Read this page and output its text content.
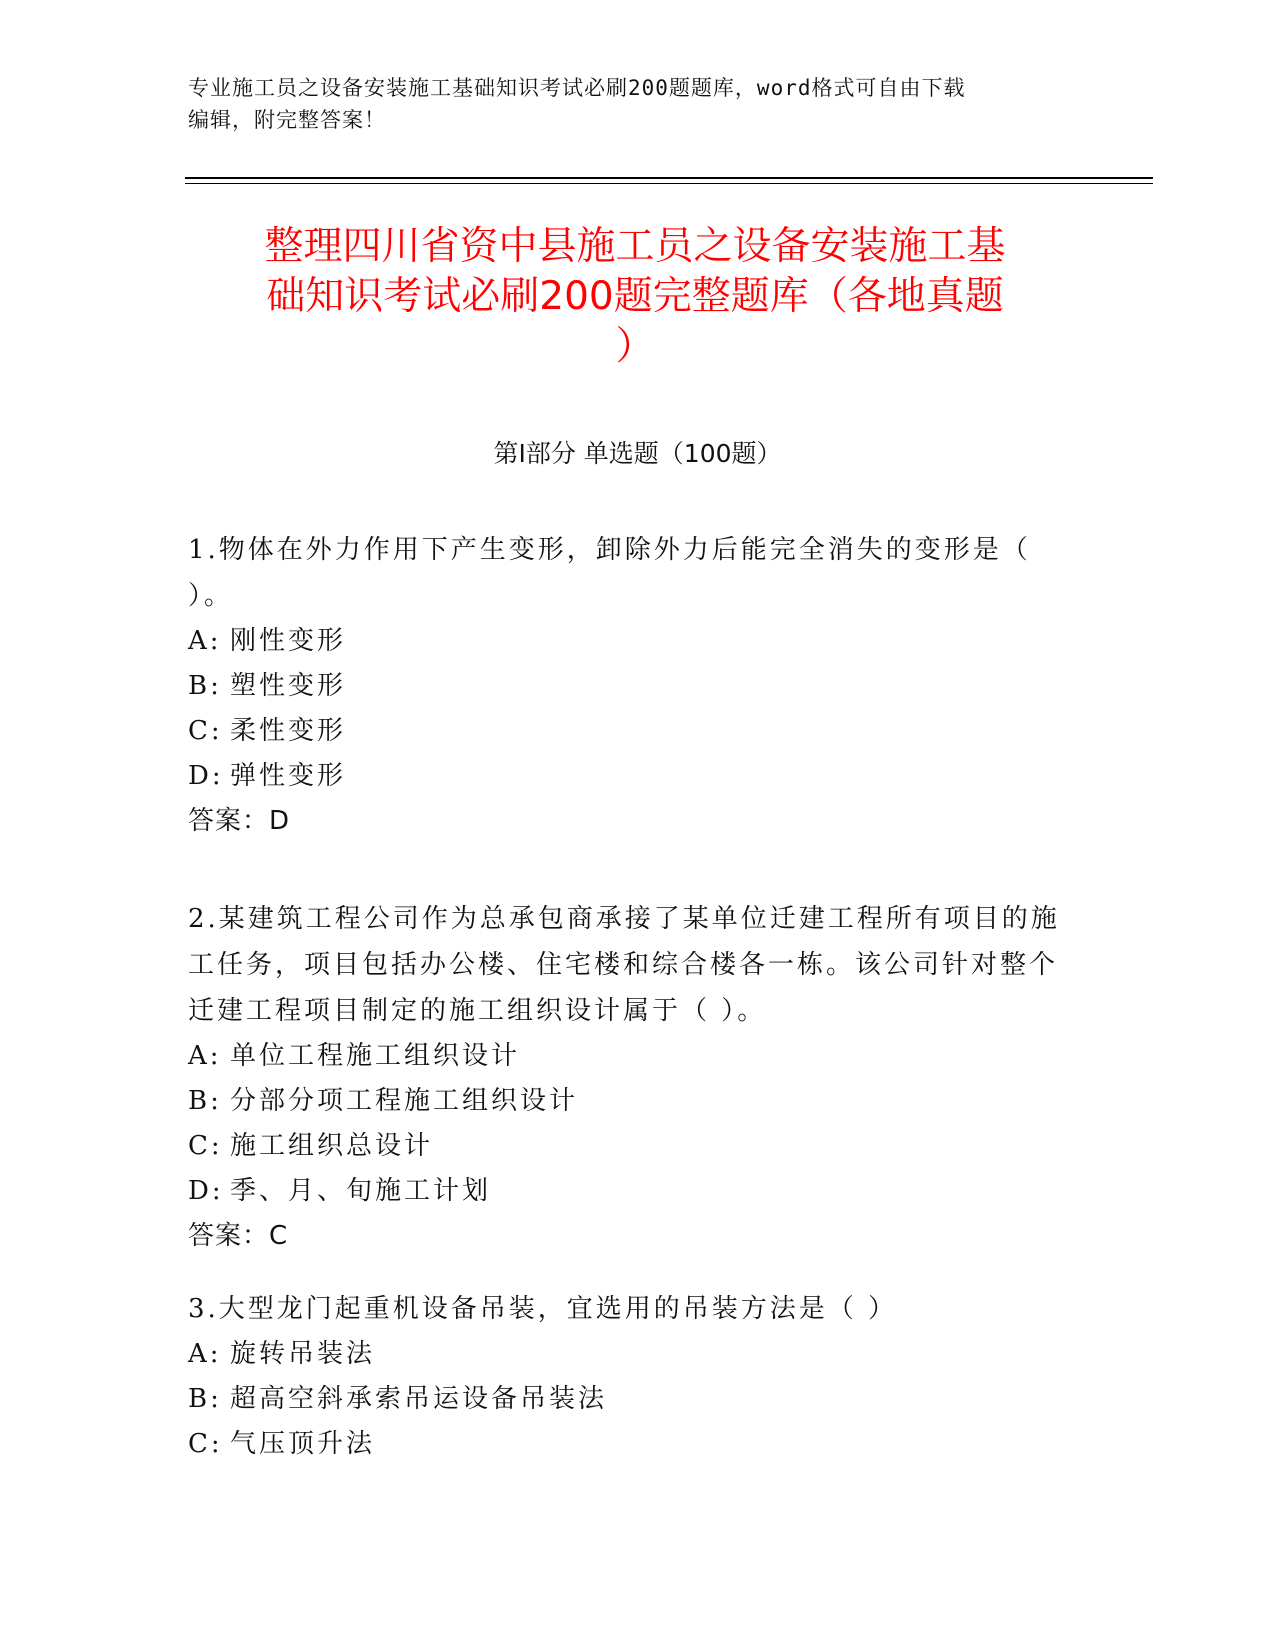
专业施工员之设备安装施工基础知识考试必刷200题题库，word格式可自由下载
编辑，附完整答案！
整理四川省资中县施工员之设备安装施工基
础知识考试必刷200题完整题库（各地真题
）
第I部分 单选题（100题）
1.物体在外力作用下产生变形，卸除外力后能完全消失的变形是（ ）。
A: 刚性变形
B: 塑性变形
C: 柔性变形
D: 弹性变形
答案：D
2.某建筑工程公司作为总承包商承接了某单位迁建工程所有项目的施工任务，项目包括办公楼、住宅楼和综合楼各一栋。该公司针对整个迁建工程项目制定的施工组织设计属于（ ）。
A: 单位工程施工组织设计
B: 分部分项工程施工组织设计
C: 施工组织总设计
D: 季、月、旬施工计划
答案：C
3.大型龙门起重机设备吊装，宜选用的吊装方法是（ ）
A: 旋转吊装法
B: 超高空斜承索吊运设备吊装法
C: 气压顶升法
